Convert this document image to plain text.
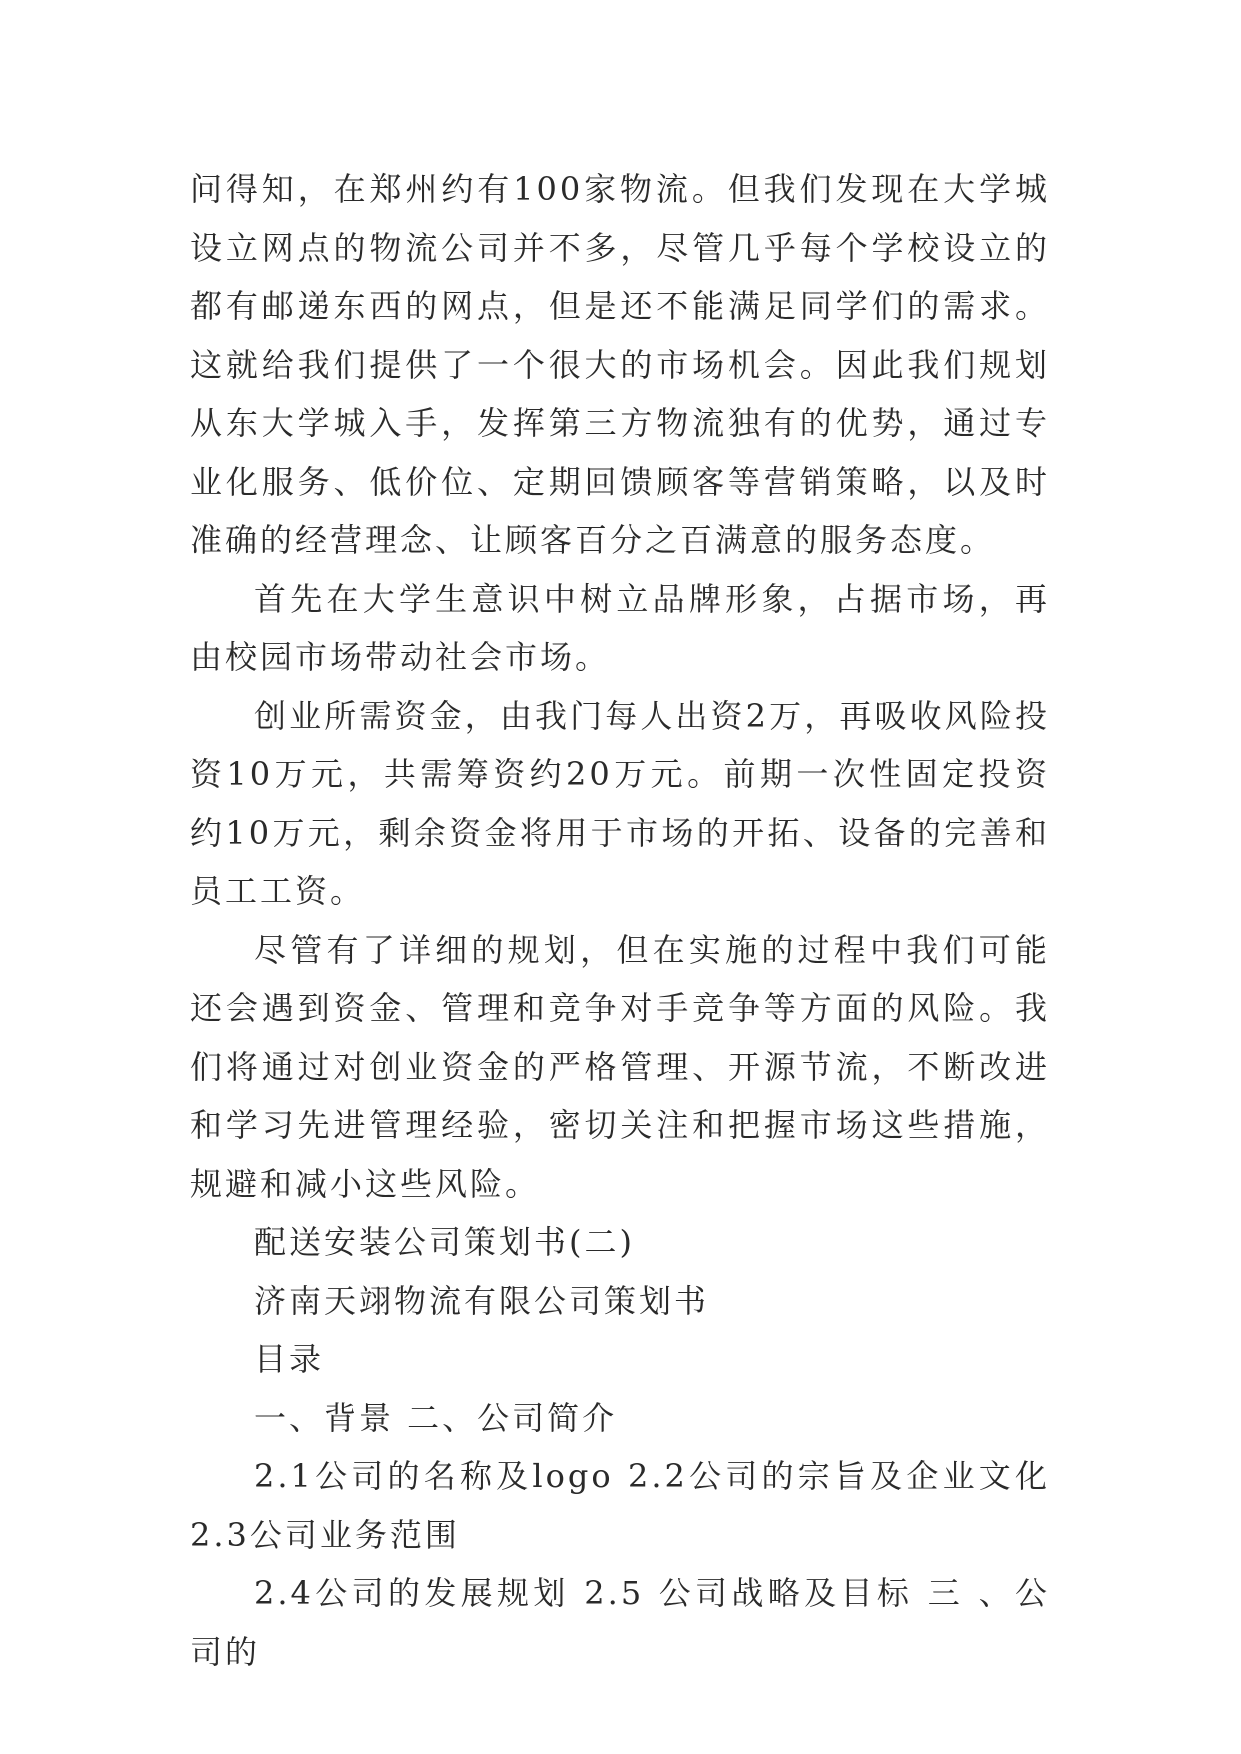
问得知，在郑州约有100家物流。但我们发现在大学城设立网点的物流公司并不多，尽管几乎每个学校设立的都有邮递东西的网点，但是还不能满足同学们的需求。这就给我们提供了一个很大的市场机会。因此我们规划从东大学城入手，发挥第三方物流独有的优势，通过专业化服务、低价位、定期回馈顾客等营销策略，以及时准确的经营理念、让顾客百分之百满意的服务态度。

首先在大学生意识中树立品牌形象，占据市场，再由校园市场带动社会市场。

创业所需资金，由我门每人出资2万，再吸收风险投资10万元，共需筹资约20万元。前期一次性固定投资约10万元，剩余资金将用于市场的开拓、设备的完善和员工工资。

尽管有了详细的规划，但在实施的过程中我们可能还会遇到资金、管理和竞争对手竞争等方面的风险。我们将通过对创业资金的严格管理、开源节流，不断改进和学习先进管理经验，密切关注和把握市场这些措施，规避和减小这些风险。

配送安装公司策划书(二)

济南天翊物流有限公司策划书

目录

一、背景 二、公司简介

2.1公司的名称及logo 2.2公司的宗旨及企业文化 2.3公司业务范围

2.4公司的发展规划 2.5 公司战略及目标 三 、公司的
